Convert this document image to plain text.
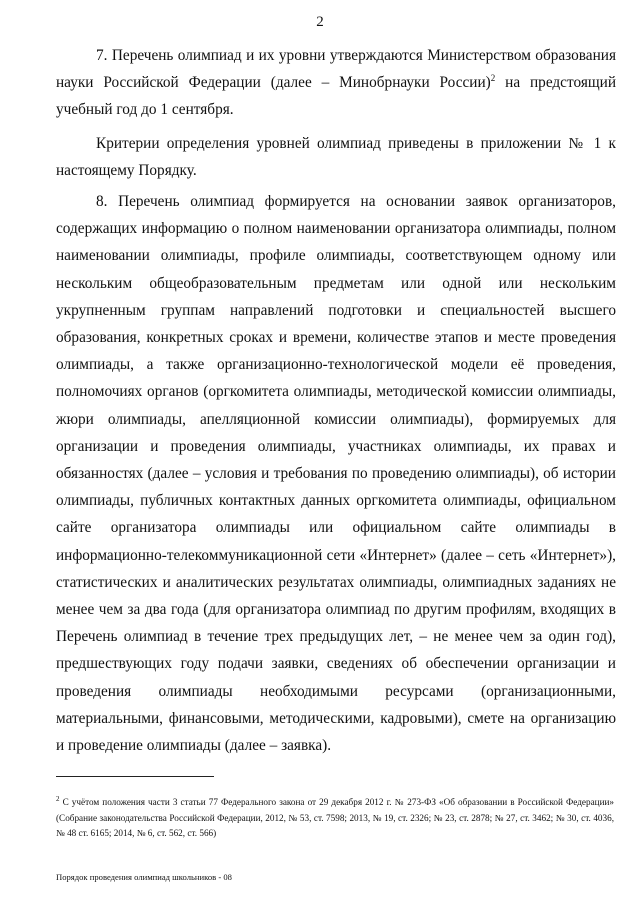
2

7. Перечень олимпиад и их уровни утверждаются Министерством образования науки Российской Федерации (далее – Минобрнауки России)$^2$ на предстоящий учебный год до 1 сентября.

Критерии определения уровней олимпиад приведены в приложении № 1 к настоящему Порядку.

8. Перечень олимпиад формируется на основании заявок организаторов, содержащих информацию о полном наименовании организатора олимпиады, полном наименовании олимпиады, профиле олимпиады, соответствующем одному или нескольким общеобразовательным предметам или одной или нескольким укрупненным группам направлений подготовки и специальностей высшего образования, конкретных сроках и времени, количестве этапов и месте проведения олимпиады, а также организационно-технологической модели её проведения, полномочиях органов (оргкомитета олимпиады, методической комиссии олимпиады, жюри олимпиады, апелляционной комиссии олимпиады), формируемых для организации и проведения олимпиады, участниках олимпиады, их правах и обязанностях (далее – условия и требования по проведению олимпиады), об истории олимпиады, публичных контактных данных оргкомитета олимпиады, официальном сайте организатора олимпиады или официальном сайте олимпиады в информационно-телекоммуникационной сети «Интернет» (далее – сеть «Интернет»), статистических и аналитических результатах олимпиады, олимпиадных заданиях не менее чем за два года (для организатора олимпиад по другим профилям, входящих в Перечень олимпиад в течение трех предыдущих лет, – не менее чем за один год), предшествующих году подачи заявки, сведениях об обеспечении организации и проведения олимпиады необходимыми ресурсами (организационными, материальными, финансовыми, методическими, кадровыми), смете на организацию и проведение олимпиады (далее – заявка).

$^2$ С учётом положения части 3 статьи 77 Федерального закона от 29 декабря 2012 г. № 273-ФЗ «Об образовании в Российской Федерации» (Собрание законодательства Российской Федерации, 2012, № 53, ст. 7598; 2013, № 19, ст. 2326; № 23, ст. 2878; № 27, ст. 3462; № 30, ст. 4036, № 48 ст. 6165; 2014, № 6, ст. 562, ст. 566)
Порядок проведения олимпиад школьников - 08
